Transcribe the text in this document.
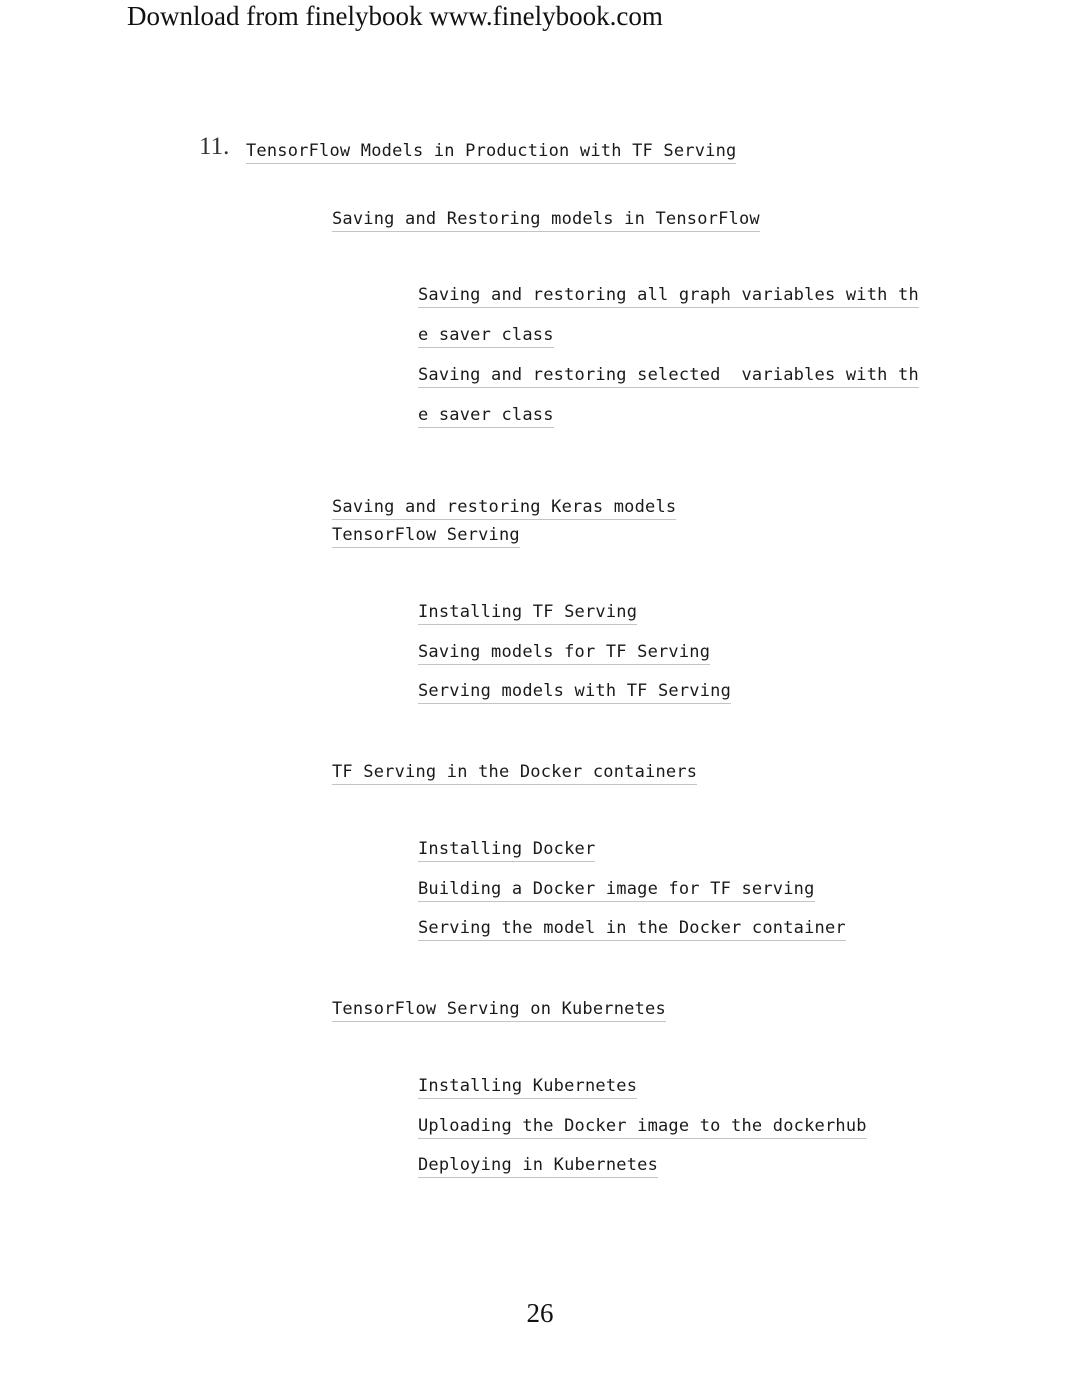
Download from finelybook www.finelybook.com
11. TensorFlow Models in Production with TF Serving
Saving and Restoring models in TensorFlow
Saving and restoring all graph variables with th
e saver class
Saving and restoring selected  variables with th
e saver class
Saving and restoring Keras models
TensorFlow Serving
Installing TF Serving
Saving models for TF Serving
Serving models with TF Serving
TF Serving in the Docker containers
Installing Docker
Building a Docker image for TF serving
Serving the model in the Docker container
TensorFlow Serving on Kubernetes
Installing Kubernetes
Uploading the Docker image to the dockerhub
Deploying in Kubernetes
26
